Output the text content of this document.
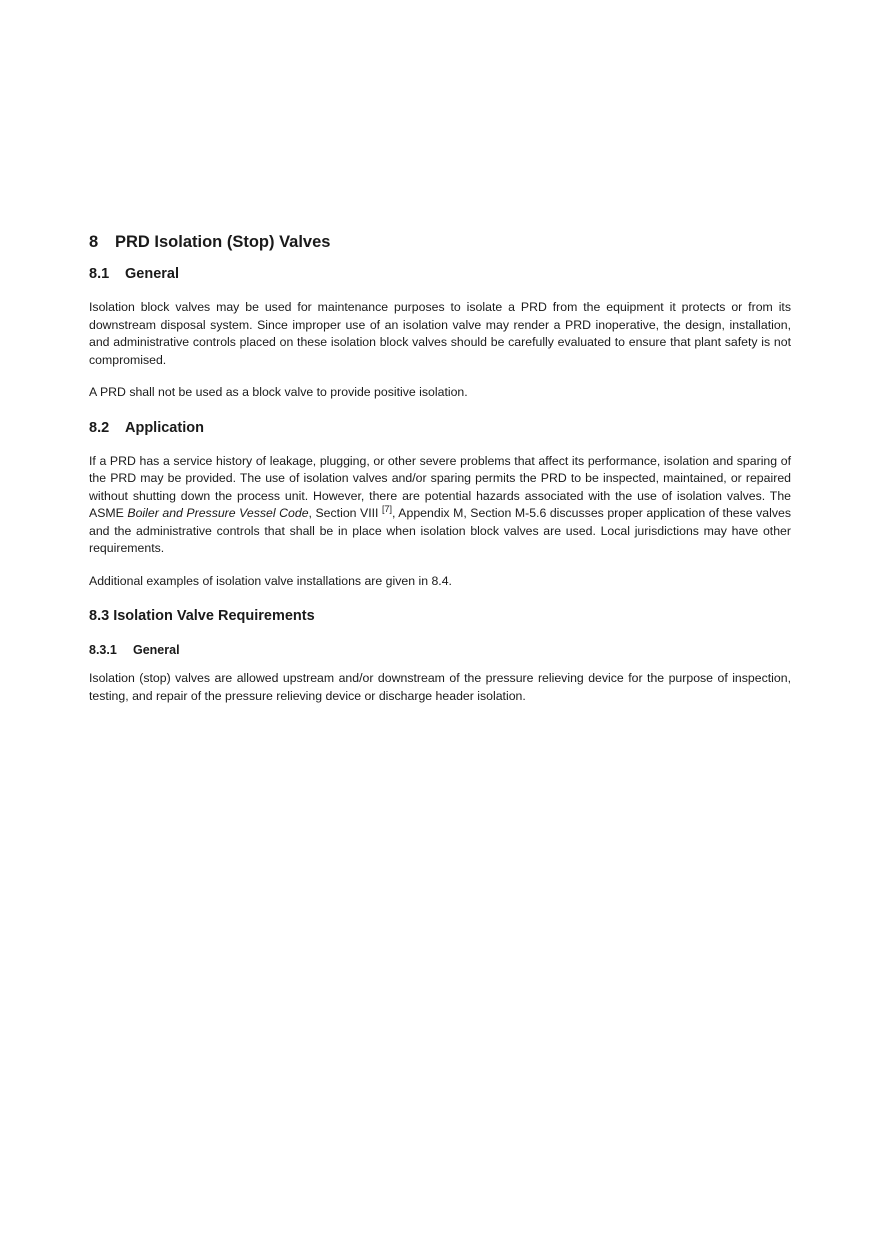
8 PRD Isolation (Stop) Valves
8.1 General

Isolation block valves may be used for maintenance purposes to isolate a PRD from the equipment it protects or from its downstream disposal system. Since improper use of an isolation valve may render a PRD inoperative, the design, installation, and administrative controls placed on these isolation block valves should be carefully evaluated to ensure that plant safety is not compromised.

A PRD shall not be used as a block valve to provide positive isolation.

8.2 Application

If a PRD has a service history of leakage, plugging, or other severe problems that affect its performance, isolation and sparing of the PRD may be provided. The use of isolation valves and/or sparing permits the PRD to be inspected, maintained, or repaired without shutting down the process unit. However, there are potential hazards associated with the use of isolation valves. The ASME Boiler and Pressure Vessel Code, Section VIII [7], Appendix M, Section M-5.6 discusses proper application of these valves and the administrative controls that shall be in place when isolation block valves are used. Local jurisdictions may have other requirements.

Additional examples of isolation valve installations are given in 8.4.

8.3 Isolation Valve Requirements
8.3.1 General

Isolation (stop) valves are allowed upstream and/or downstream of the pressure relieving device for the purpose of inspection, testing, and repair of the pressure relieving device or discharge header isolation.
